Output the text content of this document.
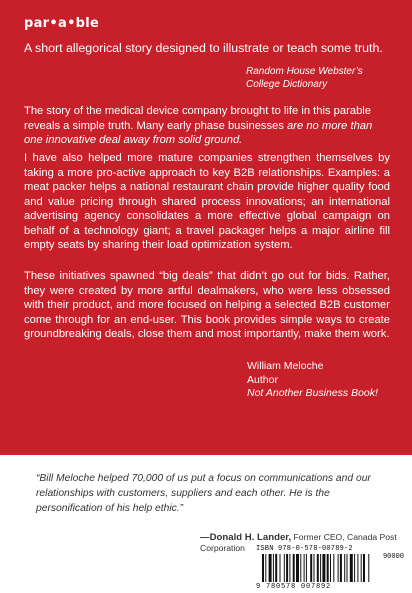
par•a•ble

A short allegorical story designed to illustrate or teach some truth.

Random House Webster’s
College Dictionary

The story of the medical device company brought to life in this parable reveals a simple truth. Many early phase businesses are no more than one innovative deal away from solid ground.

I have also helped more mature companies strengthen themselves by taking a more pro-active approach to key B2B relationships. Examples: a meat packer helps a national restaurant chain provide higher quality food and value pricing through shared process innovations; an international advertising agency consolidates a more effective global campaign on behalf of a technology giant; a travel packager helps a major airline fill empty seats by sharing their load optimization system.

These initiatives spawned “big deals” that didn’t go out for bids. Rather, they were created by more artful dealmakers, who were less obsessed with their product, and more focused on helping a selected B2B customer come through for an end-user. This book provides simple ways to create groundbreaking deals, close them and most importantly, make them work.

William Meloche
Author
Not Another Business Book!

“Bill Meloche helped 70,000 of us put a focus on communications and our relationships with customers, suppliers and each other. He is the personification of his help ethic.”

—Donald H. Lander, Former CEO, Canada Post Corporation	ISBN 978-0-578-00789-2
90000
9 780578 007892
